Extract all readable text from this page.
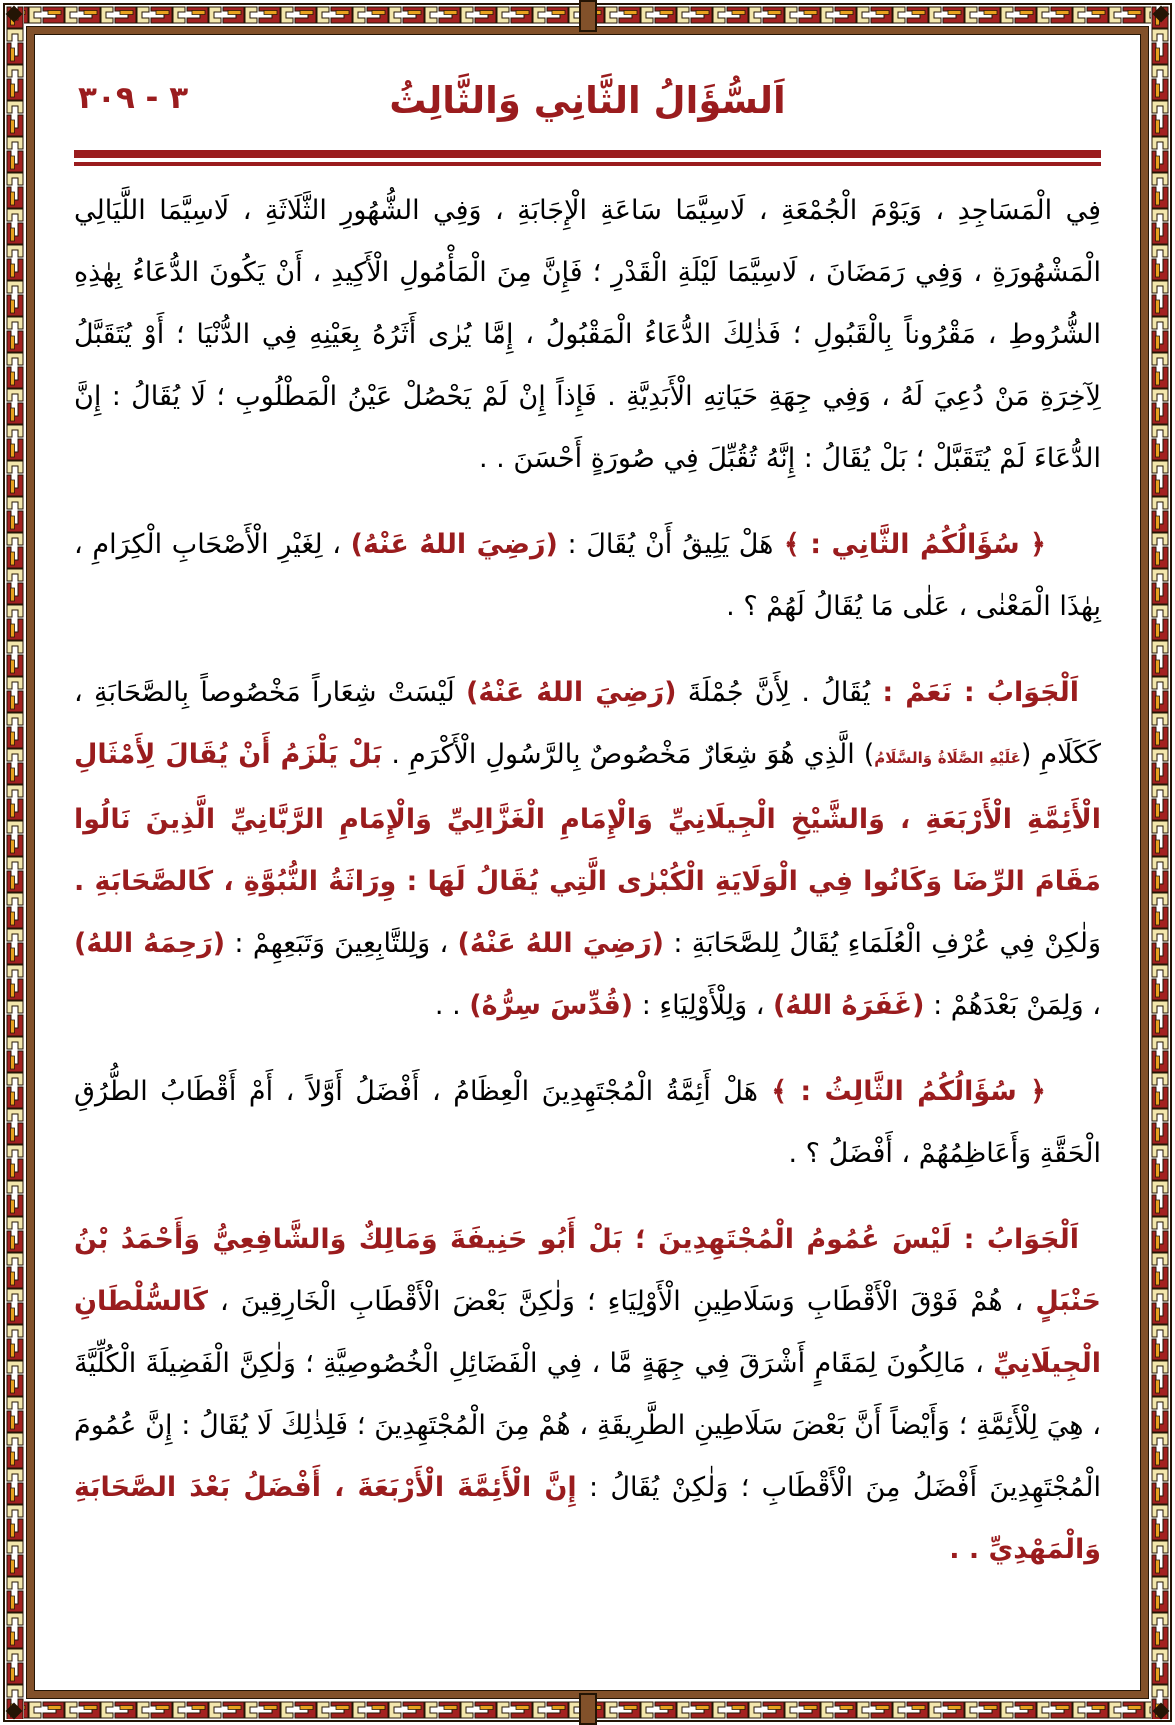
٣ - ٣٠٩	اَلسُّؤَالُ الثَّانِي وَالثَّالِثُ

فِي الْمَسَاجِدِ ، وَيَوْمَ الْجُمْعَةِ ، لَاسِيَّمَا سَاعَةِ الْإِجَابَةِ ، وَفِي الشُّهُورِ الثَّلَاثَةِ ، لَاسِيَّمَا اللَّيَالِي الْمَشْهُورَةِ ، وَفِي رَمَضَانَ ، لَاسِيَّمَا لَيْلَةِ الْقَدْرِ ؛ فَإِنَّ مِنَ الْمَأْمُولِ الْأَكِيدِ ، أَنْ يَكُونَ الدُّعَاءُ بِهٰذِهِ الشُّرُوطِ ، مَقْرُوناً بِالْقَبُولِ ؛ فَذٰلِكَ الدُّعَاءُ الْمَقْبُولُ ، إِمَّا يُرٰى أَثَرُهُ بِعَيْنِهِ فِي الدُّنْيَا ؛ أَوْ يُتَقَبَّلُ لِآخِرَةِ مَنْ دُعِيَ لَهُ ، وَفِي جِهَةِ حَيَاتِهِ الْأَبَدِيَّةِ . فَإِذاً إِنْ لَمْ يَحْصُلْ عَيْنُ الْمَطْلُوبِ ؛ لَا يُقَالُ : إِنَّ الدُّعَاءَ لَمْ يُتَقَبَّلْ ؛ بَلْ يُقَالُ : إِنَّهُ تُقُبِّلَ فِي صُورَةٍ أَحْسَنَ . .

﴿ سُؤَالُكُمُ الثَّانِي : ﴾ هَلْ يَلِيقُ أَنْ يُقَالَ : (رَضِيَ اللهُ عَنْهُ) ، لِغَيْرِ الْأَصْحَابِ الْكِرَامِ ، بِهٰذَا الْمَعْنٰى ، عَلٰى مَا يُقَالُ لَهُمْ ؟ .

اَلْجَوَابُ : نَعَمْ : يُقَالُ . لِأَنَّ جُمْلَةَ (رَضِيَ اللهُ عَنْهُ) لَيْسَتْ شِعَاراً مَخْصُوصاً بِالصَّحَابَةِ ، كَكَلَامِ (عَلَيْهِ الصَّلَاةُ وَالسَّلَامُ) الَّذِي هُوَ شِعَارٌ مَخْصُوصٌ بِالرَّسُولِ الْأَكْرَمِ . بَلْ يَلْزَمُ أَنْ يُقَالَ لِأَمْثَالِ الْأَئِمَّةِ الْأَرْبَعَةِ ، وَالشَّيْخِ الْجِيلَانِيِّ وَالْإِمَامِ الْغَزَّالِيِّ وَالْإِمَامِ الرَّبَّانِيِّ الَّذِينَ نَالُوا مَقَامَ الرِّضَا وَكَانُوا فِي الْوَلَايَةِ الْكُبْرٰى الَّتِي يُقَالُ لَهَا : وِرَاثَةُ النُّبُوَّةِ ، كَالصَّحَابَةِ . وَلٰكِنْ فِي عُرْفِ الْعُلَمَاءِ يُقَالُ لِلصَّحَابَةِ : (رَضِيَ اللهُ عَنْهُ) ، وَلِلتَّابِعِينَ وَتَبَعِهِمْ : (رَحِمَهُ اللهُ) ، وَلِمَنْ بَعْدَهُمْ : (غَفَرَهُ اللهُ) ، وَلِلْأَوْلِيَاءِ : (قُدِّسَ سِرُّهُ) . .

﴿ سُؤَالُكُمُ الثَّالِثُ : ﴾ هَلْ أَئِمَّةُ الْمُجْتَهِدِينَ الْعِظَامُ ، أَفْضَلُ أَوَّلاً ، أَمْ أَقْطَابُ الطُّرُقِ الْحَقَّةِ وَأَعَاظِمُهُمْ ، أَفْضَلُ ؟ .

اَلْجَوَابُ : لَيْسَ عُمُومُ الْمُجْتَهِدِينَ ؛ بَلْ أَبُو حَنِيفَةَ وَمَالِكٌ وَالشَّافِعِيُّ وَأَحْمَدُ بْنُ حَنْبَلٍ ، هُمْ فَوْقَ الْأَقْطَابِ وَسَلَاطِينِ الْأَوْلِيَاءِ ؛ وَلٰكِنَّ بَعْضَ الْأَقْطَابِ الْخَارِقِينَ ، كَالسُّلْطَانِ الْجِيلَانِيِّ ، مَالِكُونَ لِمَقَامٍ أَشْرَقَ فِي جِهَةٍ مَّا ، فِي الْفَضَائِلِ الْخُصُوصِيَّةِ ؛ وَلٰكِنَّ الْفَضِيلَةَ الْكُلِّيَّةَ ، هِيَ لِلْأَئِمَّةِ ؛ وَأَيْضاً أَنَّ بَعْضَ سَلَاطِينِ الطَّرِيقَةِ ، هُمْ مِنَ الْمُجْتَهِدِينَ ؛ فَلِذٰلِكَ لَا يُقَالُ : إِنَّ عُمُومَ الْمُجْتَهِدِينَ أَفْضَلُ مِنَ الْأَقْطَابِ ؛ وَلٰكِنْ يُقَالُ : إِنَّ الْأَئِمَّةَ الْأَرْبَعَةَ ، أَفْضَلُ بَعْدَ الصَّحَابَةِ وَالْمَهْدِيِّ . .
